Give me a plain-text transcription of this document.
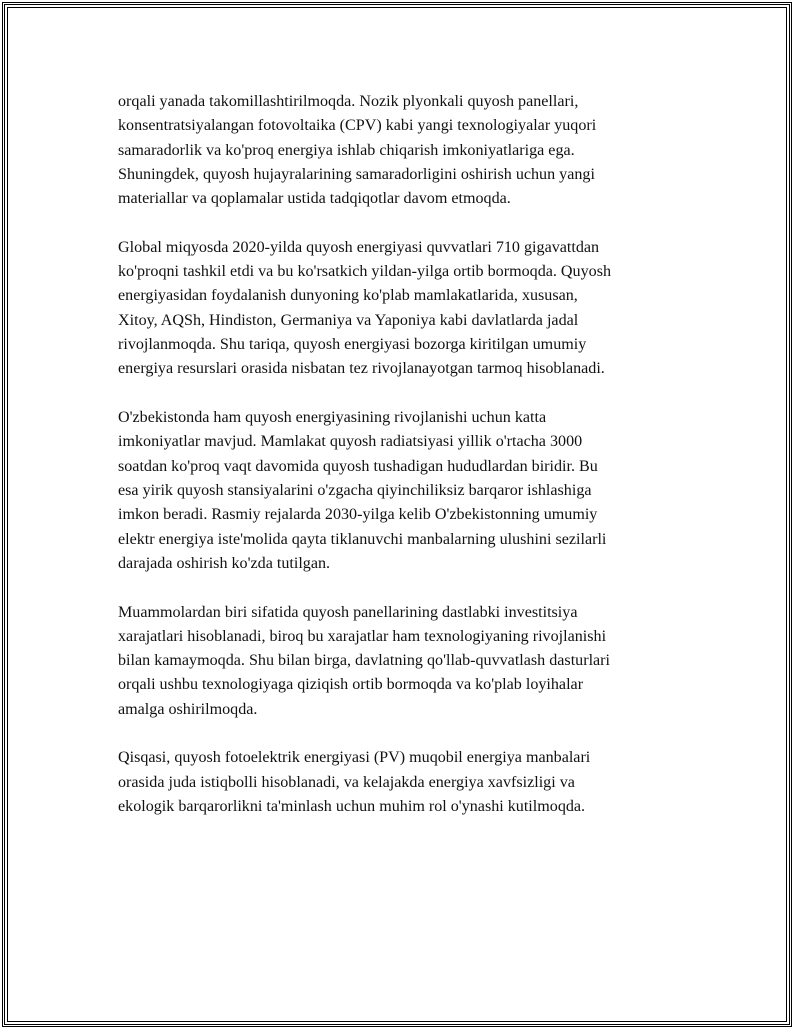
orqali yanada takomillashtirilmoqda. Nozik plyonkali quyosh panellari,
konsentratsiyalangan fotovoltaika (CPV) kabi yangi texnologiyalar yuqori
samaradorlik va ko'proq energiya ishlab chiqarish imkoniyatlariga ega.
Shuningdek, quyosh hujayralarining samaradorligini oshirish uchun yangi
materiallar va qoplamalar ustida tadqiqotlar davom etmoqda.

Global miqyosda 2020-yilda quyosh energiyasi quvvatlari 710 gigavattdan
ko'proqni tashkil etdi va bu ko'rsatkich yildan-yilga ortib bormoqda. Quyosh
energiyasidan foydalanish dunyoning ko'plab mamlakatlarida, xususan,
Xitoy, AQSh, Hindiston, Germaniya va Yaponiya kabi davlatlarda jadal
rivojlanmoqda. Shu tariqa, quyosh energiyasi bozorga kiritilgan umumiy
energiya resurslari orasida nisbatan tez rivojlanayotgan tarmoq hisoblanadi.

O'zbekistonda ham quyosh energiyasining rivojlanishi uchun katta
imkoniyatlar mavjud. Mamlakat quyosh radiatsiyasi yillik o'rtacha 3000
soatdan ko'proq vaqt davomida quyosh tushadigan hududlardan biridir. Bu
esa yirik quyosh stansiyalarini o'zgacha qiyinchiliksiz barqaror ishlashiga
imkon beradi. Rasmiy rejalarda 2030-yilga kelib O'zbekistonning umumiy
elektr energiya iste'molida qayta tiklanuvchi manbalarning ulushini sezilarli
darajada oshirish ko'zda tutilgan.

Muammolardan biri sifatida quyosh panellarining dastlabki investitsiya
xarajatlari hisoblanadi, biroq bu xarajatlar ham texnologiyaning rivojlanishi
bilan kamaymoqda. Shu bilan birga, davlatning qo'llab-quvvatlash dasturlari
orqali ushbu texnologiyaga qiziqish ortib bormoqda va ko'plab loyihalar
amalga oshirilmoqda.

Qisqasi, quyosh fotoelektrik energiyasi (PV) muqobil energiya manbalari
orasida juda istiqbolli hisoblanadi, va kelajakda energiya xavfsizligi va
ekologik barqarorlikni ta'minlash uchun muhim rol o'ynashi kutilmoqda.
